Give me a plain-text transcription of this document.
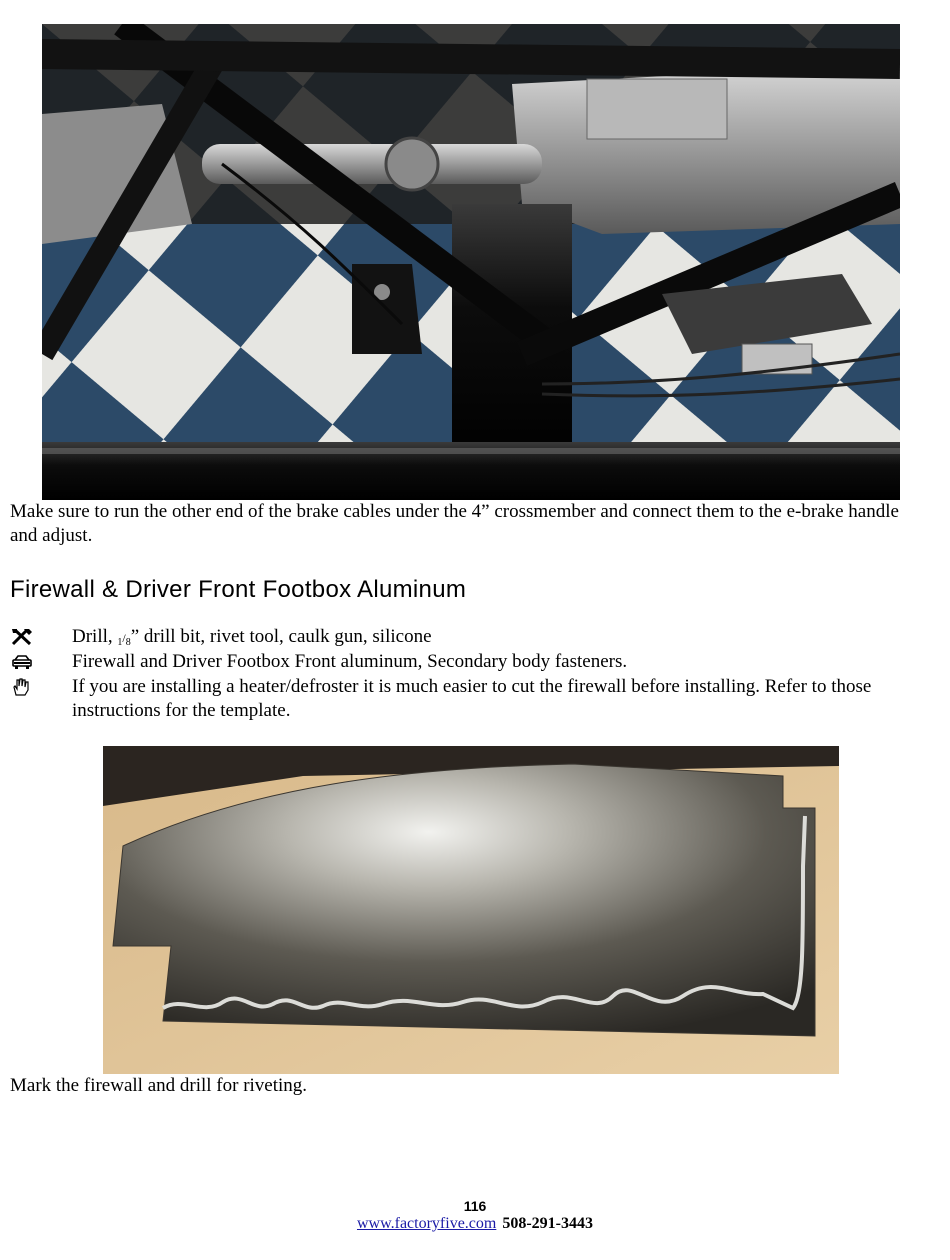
Make sure to run the other end of the brake cables under the 4” crossmember and connect them to the e-brake handle and adjust.
Firewall & Driver Front Footbox Aluminum
Drill, $_1/_8$” drill bit, rivet tool, caulk gun, silicone
Firewall and Driver Footbox Front aluminum, Secondary body fasteners.
If you are installing a heater/defroster it is much easier to cut the firewall before installing. Refer to those instructions for the template.
Mark the firewall and drill for riveting.
116
www.factoryfive.com 508-291-3443
